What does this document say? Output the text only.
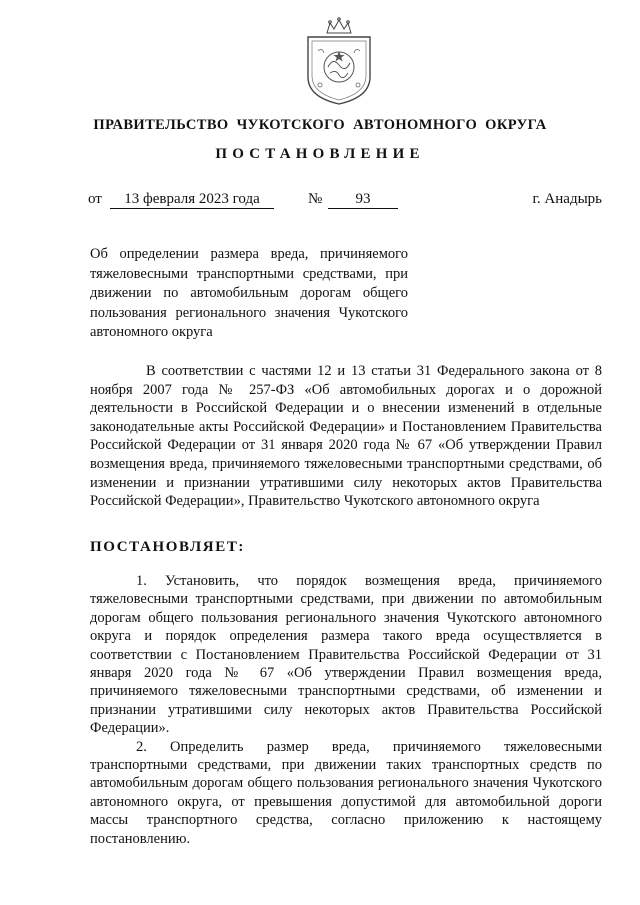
ПРАВИТЕЛЬСТВО ЧУКОТСКОГО АВТОНОМНОГО ОКРУГА
ПОСТАНОВЛЕНИЕ
от	13 февраля 2023 года	№	93	г. Анадырь

Об определении размера вреда, причиняемого тяжеловесными транспортными средствами, при движении по автомобильным дорогам общего пользования регионального значения Чукотского автономного округа

В соответствии с частями 12 и 13 статьи 31 Федерального закона от 8 ноября 2007 года № 257-ФЗ «Об автомобильных дорогах и о дорожной деятельности в Российской Федерации и о внесении изменений в отдельные законодательные акты Российской Федерации» и Постановлением Правительства Российской Федерации от 31 января 2020 года № 67 «Об утверждении Правил возмещения вреда, причиняемого тяжеловесными транспортными средствами, об изменении и признании утратившими силу некоторых актов Правительства Российской Федерации», Правительство Чукотского автономного округа

ПОСТАНОВЛЯЕТ:

1. Установить, что порядок возмещения вреда, причиняемого тяжеловесными транспортными средствами, при движении по автомобильным дорогам общего пользования регионального значения Чукотского автономного округа и порядок определения размера такого вреда осуществляется в соответствии с Постановлением Правительства Российской Федерации от 31 января 2020 года № 67 «Об утверждении Правил возмещения вреда, причиняемого тяжеловесными транспортными средствами, об изменении и признании утратившими силу некоторых актов Правительства Российской Федерации».

2. Определить размер вреда, причиняемого тяжеловесными транспортными средствами, при движении таких транспортных средств по автомобильным дорогам общего пользования регионального значения Чукотского автономного округа, от превышения допустимой для автомобильной дороги массы транспортного средства, согласно приложению к настоящему постановлению.
